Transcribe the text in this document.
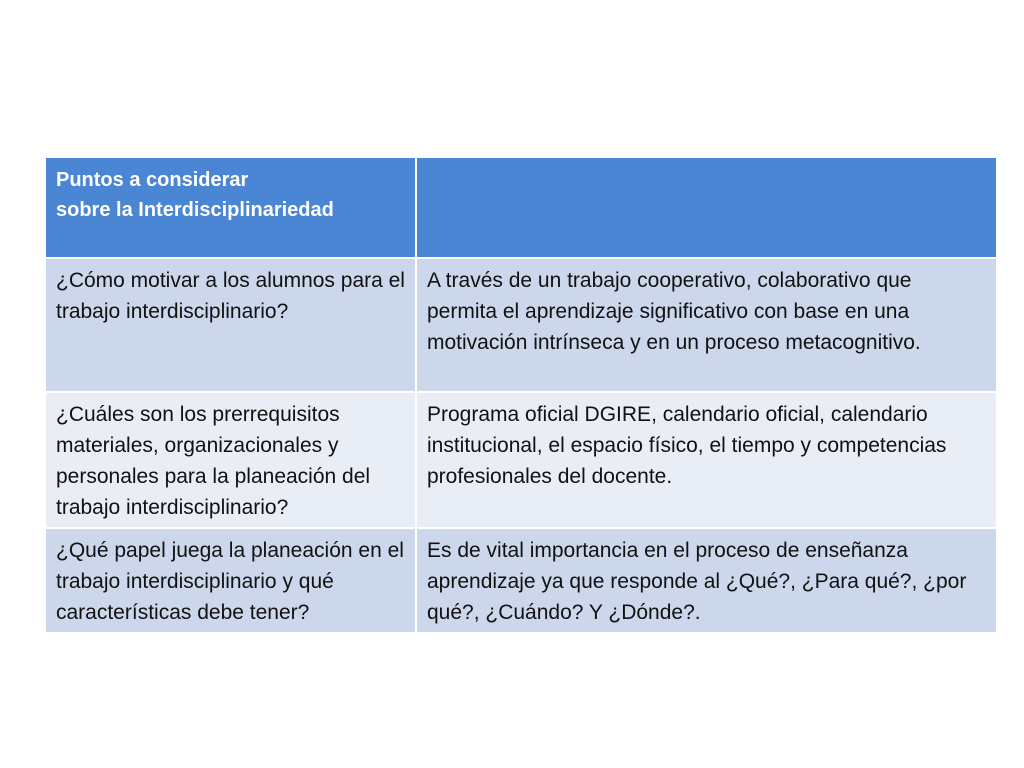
Puntos a considerar
sobre la Interdisciplinariedad	
¿Cómo motivar a los alumnos para el trabajo interdisciplinario?	A través de un trabajo cooperativo, colaborativo que permita el aprendizaje significativo con base en una motivación intrínseca y en un proceso metacognitivo.
¿Cuáles son los prerrequisitos materiales, organizacionales y personales para la planeación del trabajo interdisciplinario?	Programa oficial DGIRE, calendario oficial, calendario institucional, el espacio físico, el tiempo y competencias profesionales del docente.
¿Qué papel juega la planeación en el trabajo interdisciplinario y qué características debe tener?	Es de vital importancia en el proceso de enseñanza aprendizaje ya que responde al ¿Qué?, ¿Para qué?, ¿por qué?, ¿Cuándo? Y ¿Dónde?.
